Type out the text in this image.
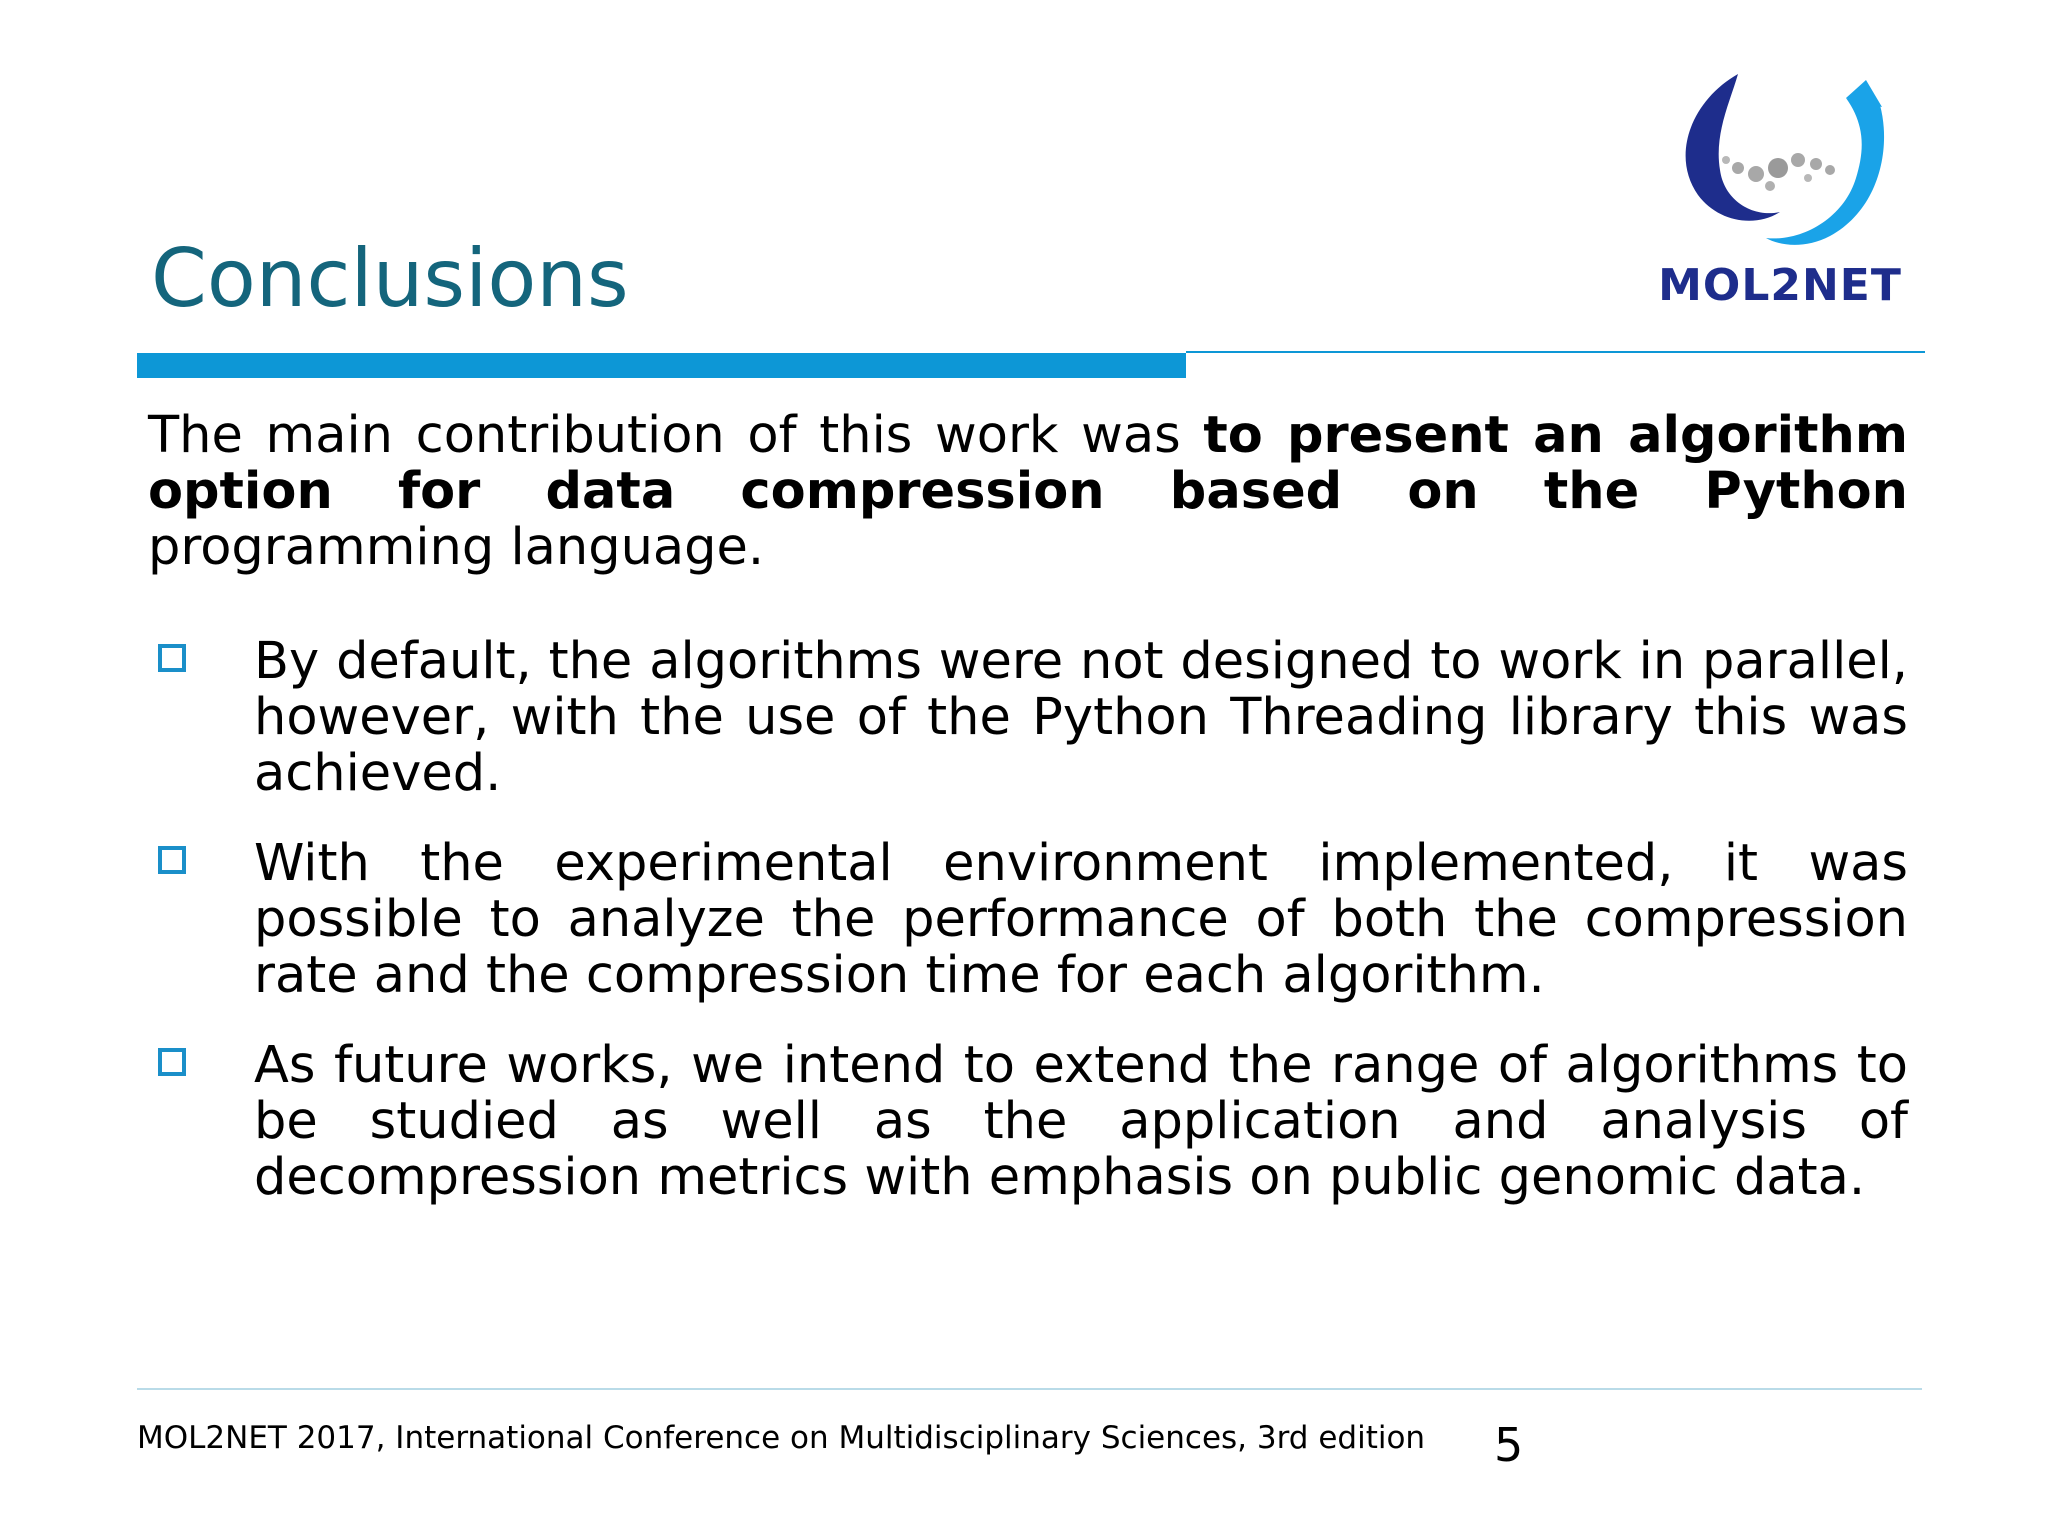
Conclusions	MOL2NET

The main contribution of this work was to present an algorithm option for data compression based on the Python programming language.

By default, the algorithms were not designed to work in parallel, however, with the use of the Python Threading library this was achieved.
With the experimental environment implemented, it was possible to analyze the performance of both the compression rate and the compression time for each algorithm.
As future works, we intend to extend the range of algorithms to be studied as well as the application and analysis of decompression metrics with emphasis on public genomic data.
MOL2NET 2017, International Conference on Multidisciplinary Sciences, 3rd edition 5
